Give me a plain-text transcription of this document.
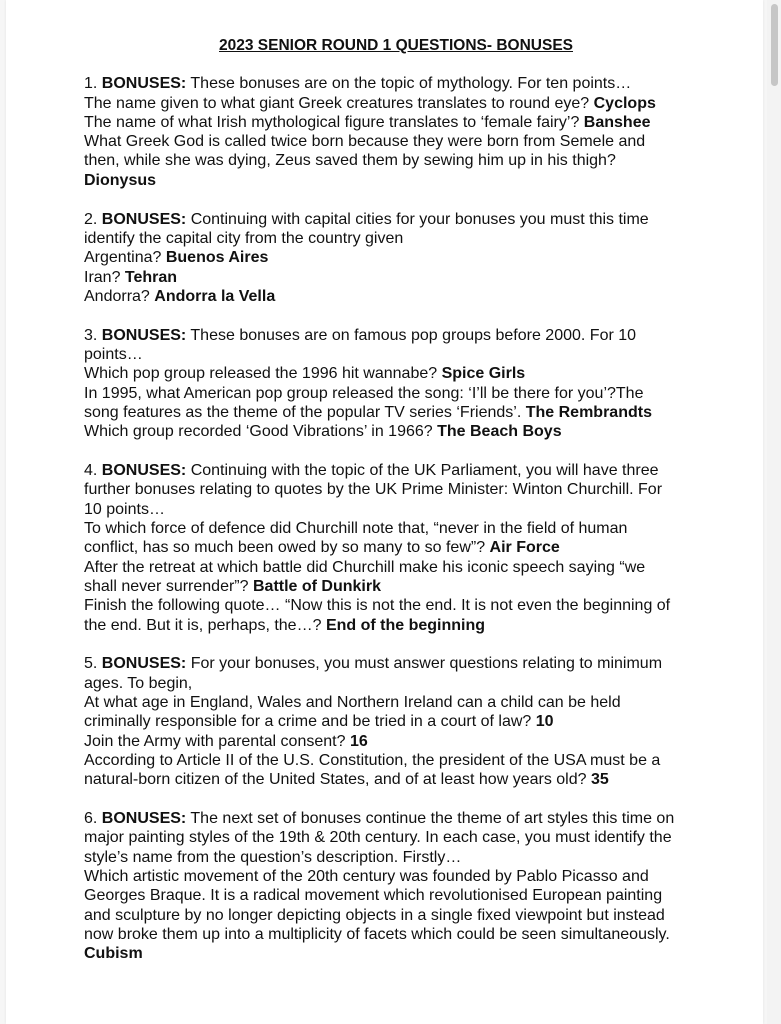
2023 SENIOR ROUND 1 QUESTIONS- BONUSES
1. BONUSES: These bonuses are on the topic of mythology. For ten points…
The name given to what giant Greek creatures translates to round eye? Cyclops
The name of what Irish mythological figure translates to ‘female fairy’? Banshee
What Greek God is called twice born because they were born from Semele and
then, while she was dying, Zeus saved them by sewing him up in his thigh?
Dionysus
2. BONUSES: Continuing with capital cities for your bonuses you must this time
identify the capital city from the country given
Argentina? Buenos Aires
Iran? Tehran
Andorra? Andorra la Vella
3. BONUSES: These bonuses are on famous pop groups before 2000. For 10
points…
Which pop group released the 1996 hit wannabe? Spice Girls
In 1995, what American pop group released the song: ‘I’ll be there for you’?The
song features as the theme of the popular TV series ‘Friends’. The Rembrandts
Which group recorded ‘Good Vibrations’ in 1966? The Beach Boys
4. BONUSES: Continuing with the topic of the UK Parliament, you will have three
further bonuses relating to quotes by the UK Prime Minister: Winton Churchill. For
10 points…
To which force of defence did Churchill note that, “never in the field of human
conflict, has so much been owed by so many to so few”? Air Force
After the retreat at which battle did Churchill make his iconic speech saying “we
shall never surrender”? Battle of Dunkirk
Finish the following quote… “Now this is not the end. It is not even the beginning of
the end. But it is, perhaps, the…? End of the beginning
5. BONUSES: For your bonuses, you must answer questions relating to minimum
ages. To begin,
At what age in England, Wales and Northern Ireland can a child can be held
criminally responsible for a crime and be tried in a court of law? 10
Join the Army with parental consent? 16
According to Article II of the U.S. Constitution, the president of the USA must be a
natural-born citizen of the United States, and of at least how years old? 35
6. BONUSES: The next set of bonuses continue the theme of art styles this time on
major painting styles of the 19th & 20th century. In each case, you must identify the
style’s name from the question’s description. Firstly…
Which artistic movement of the 20th century was founded by Pablo Picasso and
Georges Braque. It is a radical movement which revolutionised European painting
and sculpture by no longer depicting objects in a single fixed viewpoint but instead
now broke them up into a multiplicity of facets which could be seen simultaneously.
Cubism
